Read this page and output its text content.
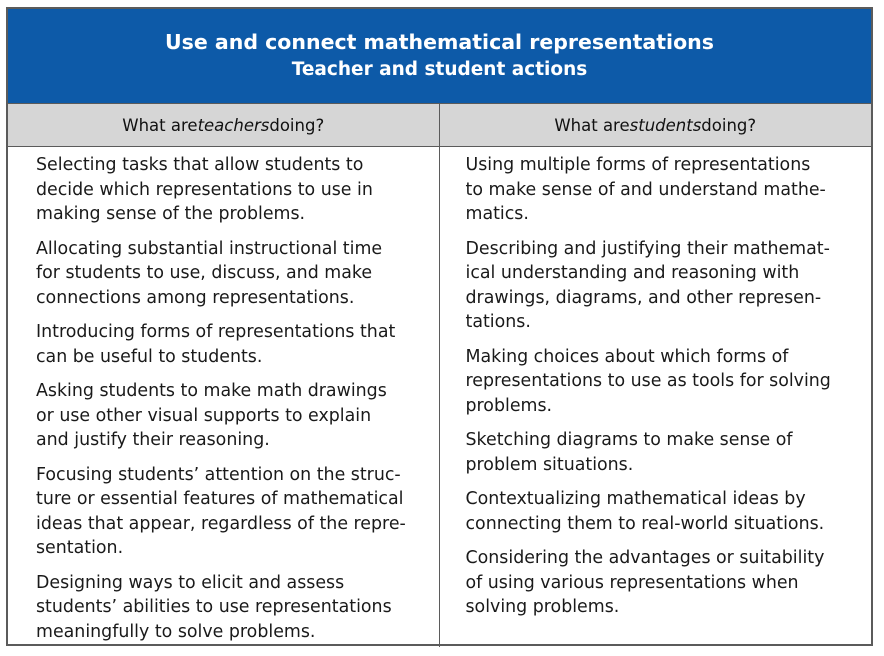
Use and connect mathematical representations
Teacher and student actions
What are teachers doing?	What are students doing?

Selecting tasks that allow students to
decide which representations to use in
making sense of the problems.

Allocating substantial instructional time
for students to use, discuss, and make
connections among representations.

Introducing forms of representations that
can be useful to students.

Asking students to make math drawings
or use other visual supports to explain
and justify their reasoning.

Focusing students’ attention on the struc-
ture or essential features of mathematical
ideas that appear, regardless of the repre-
sentation.

Designing ways to elicit and assess
students’ abilities to use representations
meaningfully to solve problems.

Using multiple forms of representations
to make sense of and understand mathe-
matics.

Describing and justifying their mathemat-
ical understanding and reasoning with
drawings, diagrams, and other represen-
tations.

Making choices about which forms of
representations to use as tools for solving
problems.

Sketching diagrams to make sense of
problem situations.

Contextualizing mathematical ideas by
connecting them to real-world situations.

Considering the advantages or suitability
of using various representations when
solving problems.
